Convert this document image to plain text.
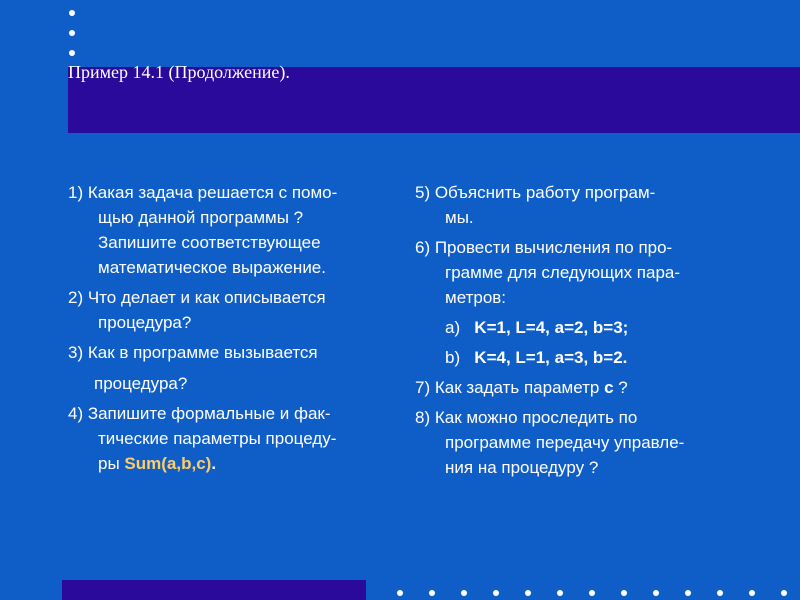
Пример 14.1 (Продолжение).
1) Какая задача решается с помо-
щью данной программы ?
Запишите соответствующее
математическое выражение.
2) Что делает и как описывается
процедура?
3) Как в программе вызывается
процедура?
4) Запишите формальные и фак-
тические параметры процеду-
ры Sum(a,b,c).
5) Объяснить работу програм-
мы.
6) Провести вычисления по про-
грамме для следующих пара-
метров:
a) K=1, L=4, a=2, b=3;
b) K=4, L=1, a=3, b=2.
7) Как задать параметр c ?
8) Как можно проследить по
программе передачу управле-
ния на процедуру ?
